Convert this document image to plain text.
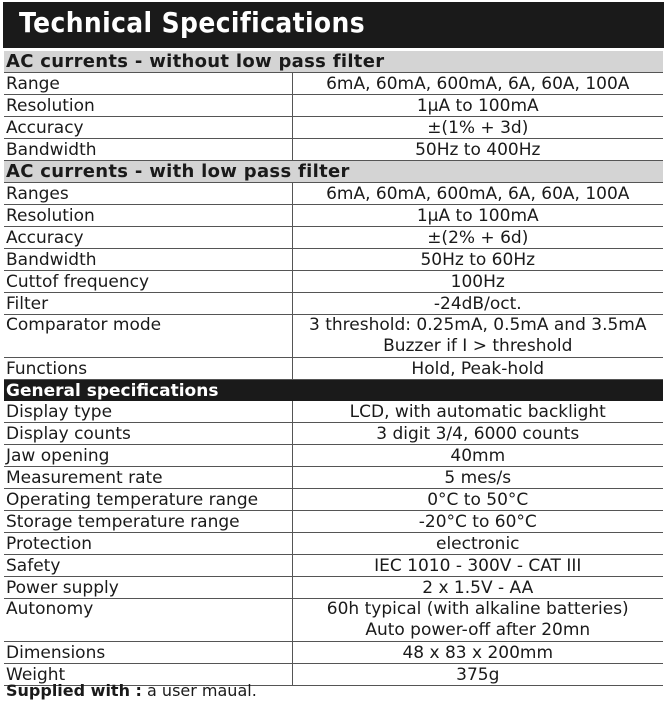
Technical Specifications
AC currents - without low pass filter	
Range	6mA, 60mA, 600mA, 6A, 60A, 100A

Resolution	1µA to 100mA

Accuracy	±(1% + 3d)

Bandwidth	50Hz to 400Hz

AC currents - with low pass filter	
Ranges	6mA, 60mA, 600mA, 6A, 60A, 100A

Resolution	1µA to 100mA

Accuracy	±(2% + 6d)

Bandwidth	50Hz to 60Hz

Cuttof frequency	100Hz

Filter	-24dB/oct.

Comparator mode	3 threshold: 0.25mA, 0.5mA and 3.5mA
Buzzer if I > threshold

Functions	Hold, Peak-hold

General specifications	
Display type	LCD, with automatic backlight

Display counts	3 digit 3/4, 6000 counts

Jaw opening	40mm

Measurement rate	5 mes/s

Operating temperature range	0°C to 50°C

Storage temperature range	-20°C to 60°C

Protection	electronic

Safety	IEC 1010 - 300V - CAT III

Power supply	2 x 1.5V - AA

Autonomy	60h typical (with alkaline batteries)
Auto power-off after 20mn

Dimensions	48 x 83 x 200mm

Weight	375g
Supplied with : a user maual.
